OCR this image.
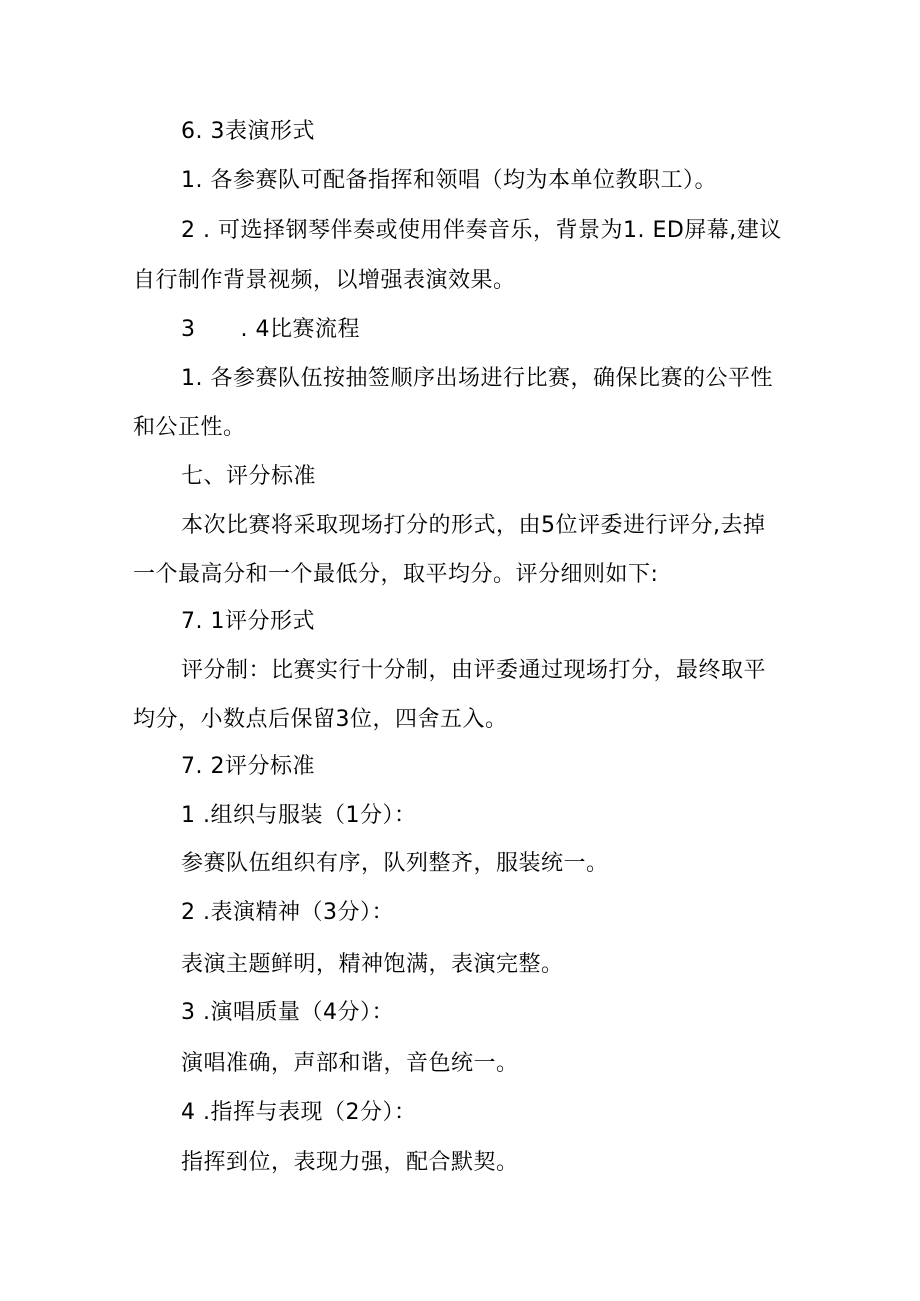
6. 3表演形式
1. 各参赛队可配备指挥和领唱（均为本单位教职工）。
2 . 可选择钢琴伴奏或使用伴奏音乐，背景为1. ED屏幕,建议
自行制作背景视频，以增强表演效果。
3　　. 4比赛流程
1. 各参赛队伍按抽签顺序出场进行比赛，确保比赛的公平性
和公正性。
七、评分标准
本次比赛将采取现场打分的形式，由5位评委进行评分,去掉
一个最高分和一个最低分，取平均分。评分细则如下:
7. 1评分形式
评分制：比赛实行十分制，由评委通过现场打分，最终取平
均分，小数点后保留3位，四舍五入。
7. 2评分标准
1 .组织与服装（1分）：
参赛队伍组织有序，队列整齐，服装统一。
2 .表演精神（3分）：
表演主题鲜明，精神饱满，表演完整。
3 .演唱质量（4分）：
演唱准确，声部和谐，音色统一。
4 .指挥与表现（2分）：
指挥到位，表现力强，配合默契。
